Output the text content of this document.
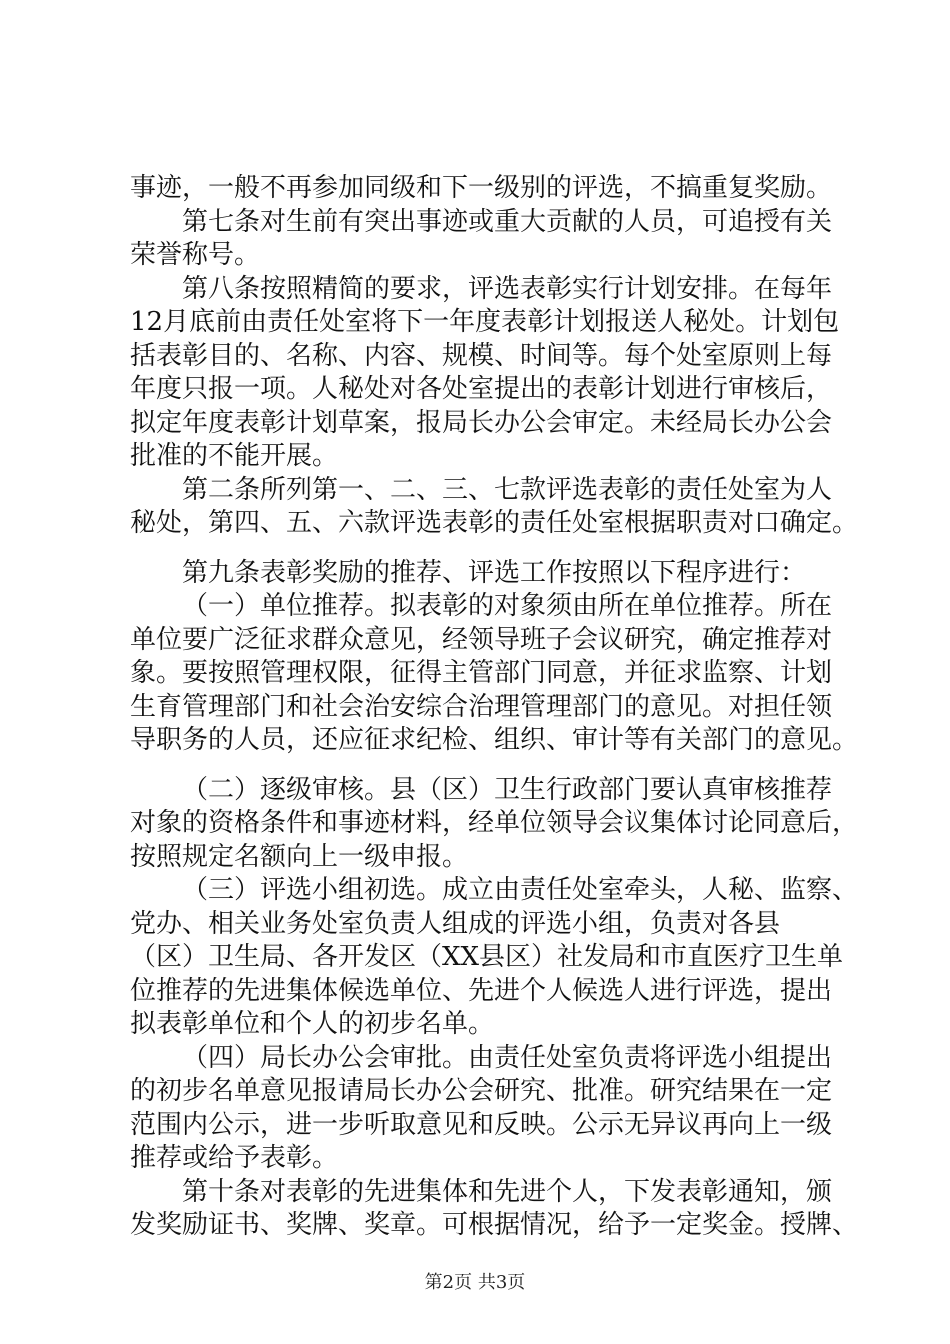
事迹，一般不再参加同级和下一级别的评选，不搞重复奖励。
第七条对生前有突出事迹或重大贡献的人员，可追授有关
荣誉称号。
第八条按照精简的要求，评选表彰实行计划安排。在每年
12月底前由责任处室将下一年度表彰计划报送人秘处。计划包
括表彰目的、名称、内容、规模、时间等。每个处室原则上每
年度只报一项。人秘处对各处室提出的表彰计划进行审核后，
拟定年度表彰计划草案，报局长办公会审定。未经局长办公会
批准的不能开展。
第二条所列第一、二、三、七款评选表彰的责任处室为人
秘处，第四、五、六款评选表彰的责任处室根据职责对口确定。
第九条表彰奖励的推荐、评选工作按照以下程序进行：
（一）单位推荐。拟表彰的对象须由所在单位推荐。所在
单位要广泛征求群众意见，经领导班子会议研究，确定推荐对
象。要按照管理权限，征得主管部门同意，并征求监察、计划
生育管理部门和社会治安综合治理管理部门的意见。对担任领
导职务的人员，还应征求纪检、组织、审计等有关部门的意见。
（二）逐级审核。县（区）卫生行政部门要认真审核推荐
对象的资格条件和事迹材料，经单位领导会议集体讨论同意后，
按照规定名额向上一级申报。
（三）评选小组初选。成立由责任处室牵头，人秘、监察、
党办、相关业务处室负责人组成的评选小组，负责对各县
（区）卫生局、各开发区（XX县区）社发局和市直医疗卫生单
位推荐的先进集体候选单位、先进个人候选人进行评选，提出
拟表彰单位和个人的初步名单。
（四）局长办公会审批。由责任处室负责将评选小组提出
的初步名单意见报请局长办公会研究、批准。研究结果在一定
范围内公示，进一步听取意见和反映。公示无异议再向上一级
推荐或给予表彰。
第十条对表彰的先进集体和先进个人，下发表彰通知，颁
发奖励证书、奖牌、奖章。可根据情况，给予一定奖金。授牌、
第2页 共3页
